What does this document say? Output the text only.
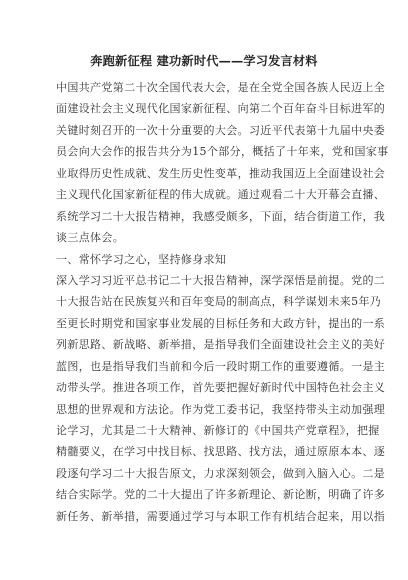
奔跑新征程 建功新时代——学习发言材料
中国共产党第二十次全国代表大会，是在全党全国各族人民迈上全
面建设社会主义现代化国家新征程、向第二个百年奋斗目标进军的
关键时刻召开的一次十分重要的大会。习近平代表第十九届中央委
员会向大会作的报告共分为15个部分，概括了十年来，党和国家事
业取得历史性成就、发生历史性变革，推动我国迈上全面建设社会
主义现代化国家新征程的伟大成就。通过观看二十大开幕会直播、
系统学习二十大报告精神，我感受颇多，下面，结合街道工作，我
谈三点体会。
一、常怀学习之心，坚持修身求知
深入学习习近平总书记二十大报告精神，深学深悟是前提。党的二
十大报告站在民族复兴和百年变局的制高点，科学谋划未来5年乃
至更长时期党和国家事业发展的目标任务和大政方针，提出的一系
列新思路、新战略、新举措，是指导我们全面建设社会主义的美好
蓝图，也是指导我们当前和今后一段时期工作的重要遵循。一是主
动带头学。推进各项工作，首先要把握好新时代中国特色社会主义
思想的世界观和方法论。作为党工委书记，我坚持带头主动加强理
论学习，尤其是二十大精神、新修订的《中国共产党章程》，把握
精髓要义，在学习中找目标、找思路、找方法，通过原原本本、逐
段逐句学习二十大报告原文，力求深刻领会，做到入脑入心。二是
结合实际学。党的二十大提出了许多新理论、新论断，明确了许多
新任务、新举措，需要通过学习与本职工作有机结合起来，用以指
